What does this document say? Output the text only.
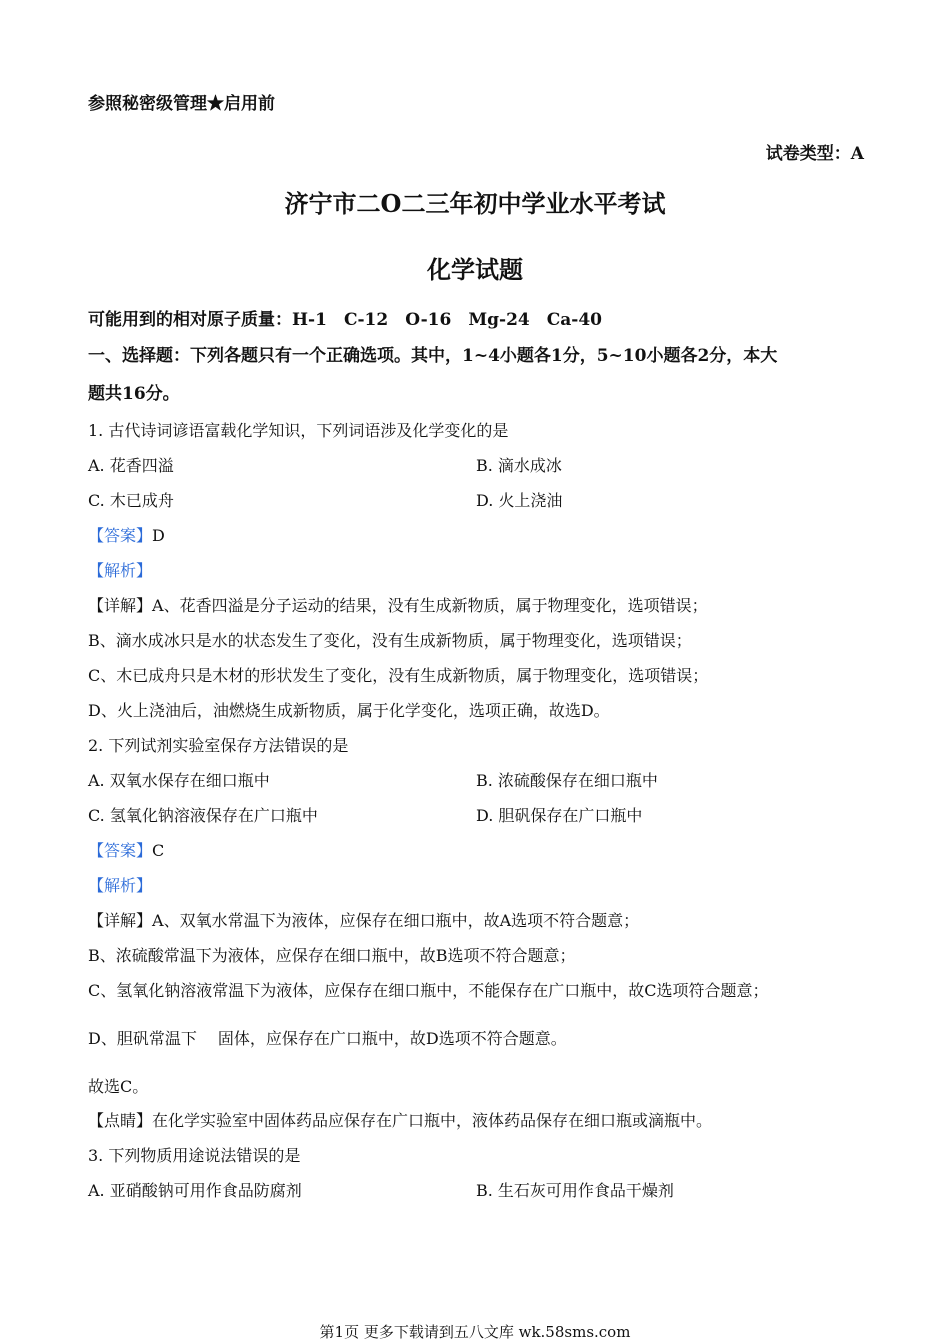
参照秘密级管理★启用前
试卷类型：A
济宁市二O二三年初中学业水平考试
化学试题
可能用到的相对原子质量：H-1　C-12　O-16　Mg-24　Ca-40
一、选择题：下列各题只有一个正确选项。其中，1~4小题各1分，5~10小题各2分，本大
题共16分。
1. 古代诗词谚语富载化学知识，下列词语涉及化学变化的是
A. 花香四溢	B. 滴水成冰
C. 木已成舟	D. 火上浇油
【答案】D
【解析】
【详解】A、花香四溢是分子运动的结果，没有生成新物质，属于物理变化，选项错误；
B、滴水成冰只是水的状态发生了变化，没有生成新物质，属于物理变化，选项错误；
C、木已成舟只是木材的形状发生了变化，没有生成新物质，属于物理变化，选项错误；
D、火上浇油后，油燃烧生成新物质，属于化学变化，选项正确，故选D。
2. 下列试剂实验室保存方法错误的是
A. 双氧水保存在细口瓶中	B. 浓硫酸保存在细口瓶中
C. 氢氧化钠溶液保存在广口瓶中	D. 胆矾保存在广口瓶中
【答案】C
【解析】
【详解】A、双氧水常温下为液体，应保存在细口瓶中，故A选项不符合题意；
B、浓硫酸常温下为液体，应保存在细口瓶中，故B选项不符合题意；
C、氢氧化钠溶液常温下为液体，应保存在细口瓶中，不能保存在广口瓶中，故C选项符合题意；
D、胆矾常温下　 固体，应保存在广口瓶中，故D选项不符合题意。
故选C。
【点睛】在化学实验室中固体药品应保存在广口瓶中，液体药品保存在细口瓶或滴瓶中。
3. 下列物质用途说法错误的是
A. 亚硝酸钠可用作食品防腐剂	B. 生石灰可用作食品干燥剂
第1页 更多下载请到五八文库 wk.58sms.com
